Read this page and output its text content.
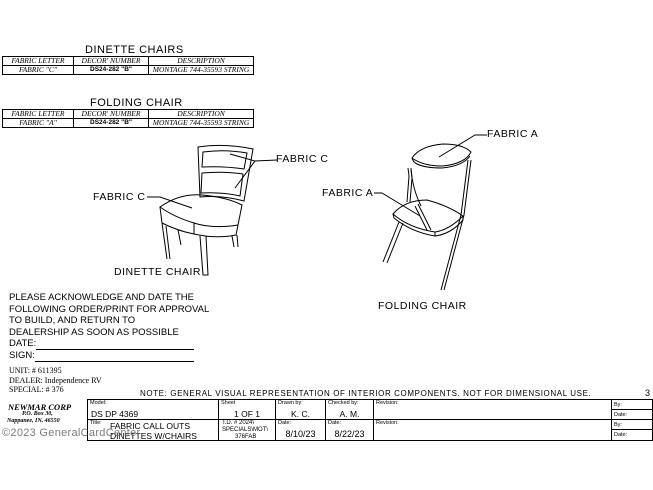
DINETTE CHAIRS
FABRIC LETTER	DECOR' NUMBER	DESCRIPTION
FABRIC "C"	DS24-282 "B"	MONTAGE 744-35593 STRING
FOLDING CHAIR
FABRIC LETTER	DECOR' NUMBER	DESCRIPTION
FABRIC "A"	DS24-282 "B"	MONTAGE 744-35593 STRING
FABRIC C
FABRIC C
DINETTE CHAIR
FABRIC A
FABRIC A
FOLDING CHAIR
PLEASE ACKNOWLEDGE AND DATE THE
FOLLOWING ORDER/PRINT FOR APPROVAL
TO BUILD, AND RETURN TO
DEALERSHIP AS SOON AS POSSIBLE
DATE:
SIGN:
UNIT: # 611395
DEALER: Independence RV
SPECIAL: # 376	NOTE: GENERAL VISUAL REPRESENTATION OF INTERIOR COMPONENTS. NOT FOR DIMENSIONAL USE.	3
NEWMAR CORP
P.O. Box 30,
Nappanee, IN. 46550
©2023 GeneralCardCenter
Model:
DS DP 4369
Title: FABRIC CALL OUTS
DINETTES W/CHAIRS
Sheet
1 OF 1
I.D. # 2024\
SPECIALS\MOT\
376FAB
Drawn by:
K. C.
Date:
8/10/23
Checked by:
A. M.
Date:
8/22/23
Revision:
Revision:
By:
Date:
By:
Date:
